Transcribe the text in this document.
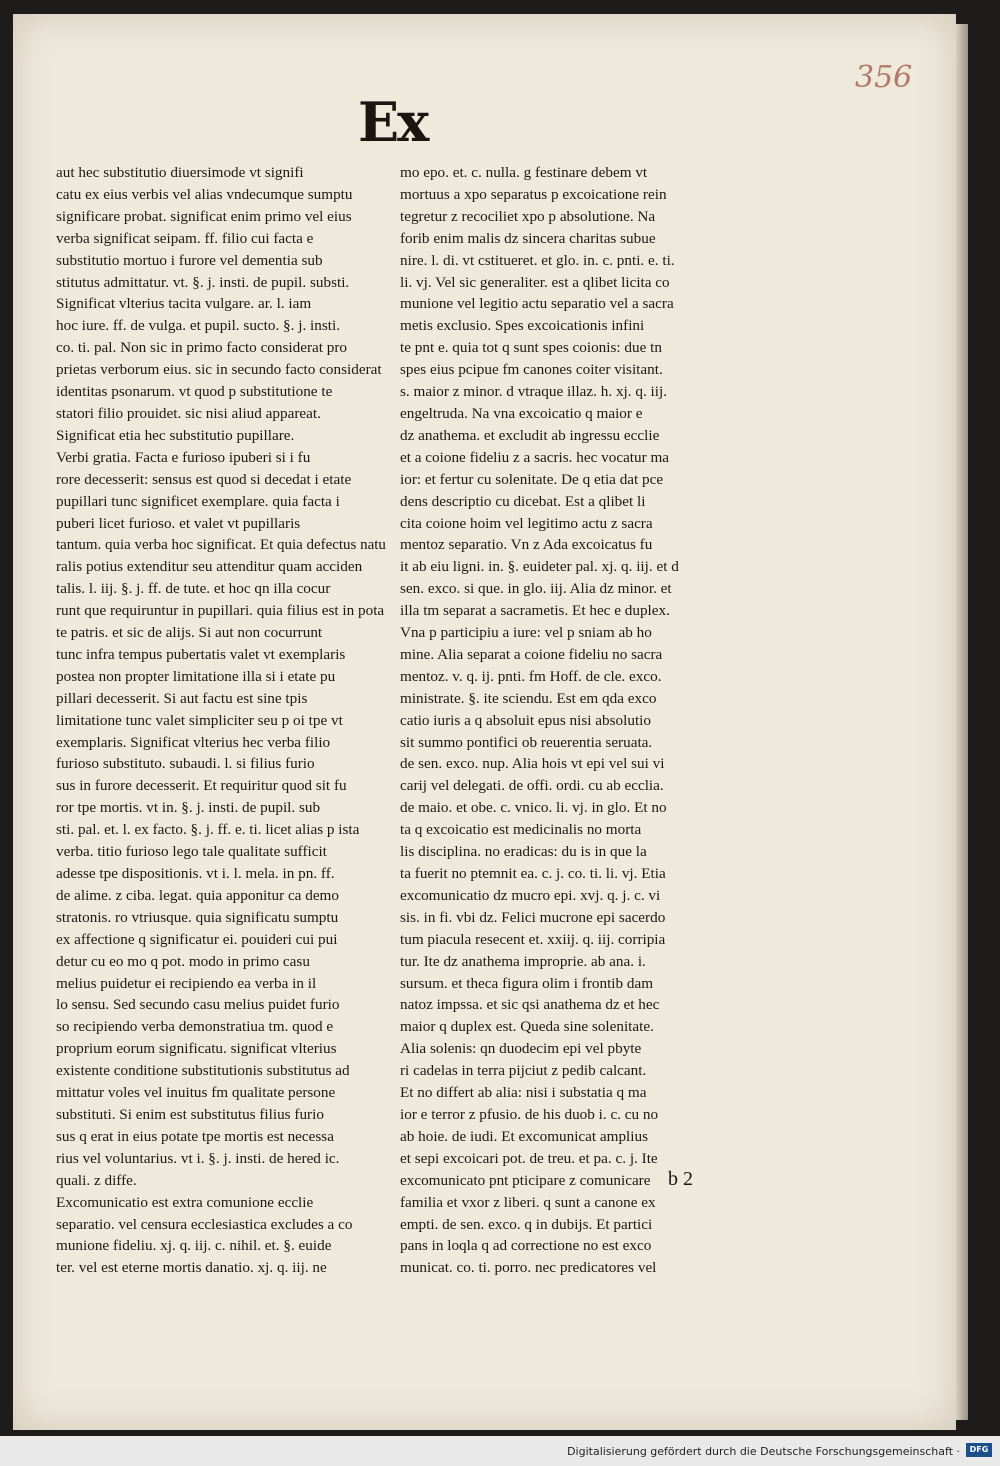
356
Ex
aut hec substitutio diuersimode vt signifi
catu ex eius verbis vel alias vndecumque sumptu
significare probat. significat enim primo vel eius
verba significat seipam. ff. filio cui facta e
substitutio mortuo i furore vel dementia sub
stitutus admittatur. vt. §. j. insti. de pupil. substi.
Significat vlterius tacita vulgare. ar. l. iam
hoc iure. ff. de vulga. et pupil. sucto. §. j. insti.
co. ti. pal. Non sic in primo facto considerat pro
prietas verborum eius. sic in secundo facto considerat
identitas psonarum. vt quod p substitutione te
statori filio prouidet. sic nisi aliud appareat.
Significat etia hec substitutio pupillare.
Verbi gratia. Facta e furioso ipuberi si i fu
rore decesserit: sensus est quod si decedat i etate
pupillari tunc significet exemplare. quia facta i
puberi licet furioso. et valet vt pupillaris
tantum. quia verba hoc significat. Et quia defectus natu
ralis potius extenditur seu attenditur quam acciden
talis. l. iij. §. j. ff. de tute. et hoc qn illa cocur
runt que requiruntur in pupillari. quia filius est in pota
te patris. et sic de alijs. Si aut non cocurrunt
tunc infra tempus pubertatis valet vt exemplaris
postea non propter limitatione illa si i etate pu
pillari decesserit. Si aut factu est sine tpis
limitatione tunc valet simpliciter seu p oi tpe vt
exemplaris. Significat vlterius hec verba filio
furioso substituto. subaudi. l. si filius furio
sus in furore decesserit. Et requiritur quod sit fu
ror tpe mortis. vt in. §. j. insti. de pupil. sub
sti. pal. et. l. ex facto. §. j. ff. e. ti. licet alias p ista
verba. titio furioso lego tale qualitate sufficit
adesse tpe dispositionis. vt i. l. mela. in pn. ff.
de alime. z ciba. legat. quia apponitur ca demo
stratonis. ro vtriusque. quia significatu sumptu
ex affectione q significatur ei. pouideri cui pui
detur cu eo mo q pot. modo in primo casu
melius puidetur ei recipiendo ea verba in il
lo sensu. Sed secundo casu melius puidet furio
so recipiendo verba demonstratiua tm. quod e
proprium eorum significatu. significat vlterius
existente conditione substitutionis substitutus ad
mittatur voles vel inuitus fm qualitate persone
substituti. Si enim est substitutus filius furio
sus q erat in eius potate tpe mortis est necessa
rius vel voluntarius. vt i. §. j. insti. de hered ic.
quali. z diffe.
Excomunicatio est extra comunione ecclie
separatio. vel censura ecclesiastica excludes a co
munione fideliu. xj. q. iij. c. nihil. et. §. euide
ter. vel est eterne mortis danatio. xj. q. iij. ne
mo epo. et. c. nulla. g festinare debem vt
mortuus a xpo separatus p excoicatione rein
tegretur z recociliet xpo p absolutione. Na
forib enim malis dz sincera charitas subue
nire. l. di. vt cstitueret. et glo. in. c. pnti. e. ti.
li. vj. Vel sic generaliter. est a qlibet licita co
munione vel legitio actu separatio vel a sacra
metis exclusio. Spes excoicationis infini
te pnt e. quia tot q sunt spes coionis: due tn
spes eius pcipue fm canones coiter visitant.
s. maior z minor. d vtraque illaz. h. xj. q. iij.
engeltruda. Na vna excoicatio q maior e
dz anathema. et excludit ab ingressu ecclie
et a coione fideliu z a sacris. hec vocatur ma
ior: et fertur cu solenitate. De q etia dat pce
dens descriptio cu dicebat. Est a qlibet li
cita coione hoim vel legitimo actu z sacra
mentoz separatio. Vn z Ada excoicatus fu
it ab eiu ligni. in. §. euideter pal. xj. q. iij. et d
sen. exco. si que. in glo. iij. Alia dz minor. et
illa tm separat a sacrametis. Et hec e duplex.
Vna p participiu a iure: vel p sniam ab ho
mine. Alia separat a coione fideliu no sacra
mentoz. v. q. ij. pnti. fm Hoff. de cle. exco.
ministrate. §. ite sciendu. Est em qda exco
catio iuris a q absoluit epus nisi absolutio
sit summo pontifici ob reuerentia seruata.
de sen. exco. nup. Alia hois vt epi vel sui vi
carij vel delegati. de offi. ordi. cu ab ecclia.
de maio. et obe. c. vnico. li. vj. in glo. Et no
ta q excoicatio est medicinalis no morta
lis disciplina. no eradicas: du is in que la
ta fuerit no ptemnit ea. c. j. co. ti. li. vj. Etia
excomunicatio dz mucro epi. xvj. q. j. c. vi
sis. in fi. vbi dz. Felici mucrone epi sacerdo
tum piacula resecent et. xxiij. q. iij. corripia
tur. Ite dz anathema improprie. ab ana. i.
sursum. et theca figura olim i frontib dam
natoz impssa. et sic qsi anathema dz et hec
maior q duplex est. Queda sine solenitate.
Alia solenis: qn duodecim epi vel pbyte
ri cadelas in terra pijciut z pedib calcant.
Et no differt ab alia: nisi i substatia q ma
ior e terror z pfusio. de his duob i. c. cu no
ab hoie. de iudi. Et excomunicat amplius
et sepi excoicari pot. de treu. et pa. c. j. Ite
excomunicato pnt pticipare z comunicare
familia et vxor z liberi. q sunt a canone ex
empti. de sen. exco. q in dubijs. Et partici
pans in loqla q ad correctione no est exco
municat. co. ti. porro. nec predicatores vel
b 2
Digitalisierung gefördert durch die Deutsche Forschungsgemeinschaft ·	DFG
